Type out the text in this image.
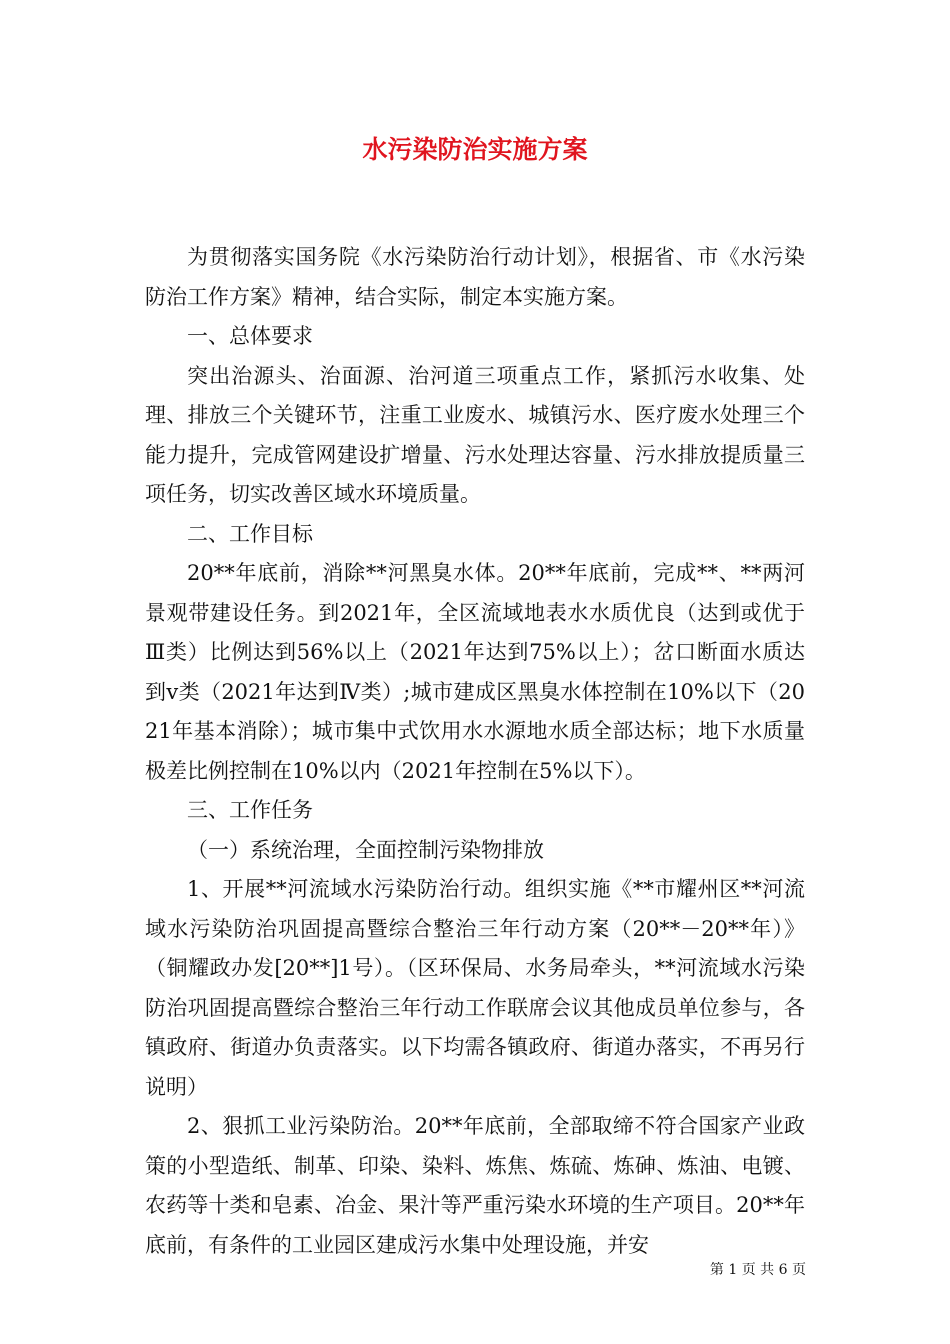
水污染防治实施方案

为贯彻落实国务院《水污染防治行动计划》，根据省、市《水污染防治工作方案》精神，结合实际，制定本实施方案。

一、总体要求

突出治源头、治面源、治河道三项重点工作，紧抓污水收集、处理、排放三个关键环节，注重工业废水、城镇污水、医疗废水处理三个能力提升，完成管网建设扩增量、污水处理达容量、污水排放提质量三项任务，切实改善区域水环境质量。

二、工作目标

20**年底前，消除**河黑臭水体。20**年底前，完成**、**两河景观带建设任务。到2021年，全区流域地表水水质优良（达到或优于Ⅲ类）比例达到56%以上（2021年达到75%以上）；岔口断面水质达到ⅴ类（2021年达到Ⅳ类）;城市建成区黑臭水体控制在10%以下（2021年基本消除）；城市集中式饮用水水源地水质全部达标；地下水质量极差比例控制在10%以内（2021年控制在5%以下）。

三、工作任务

（一）系统治理，全面控制污染物排放

1、开展**河流域水污染防治行动。组织实施《**市耀州区**河流域水污染防治巩固提高暨综合整治三年行动方案（20**－20**年）》（铜耀政办发[20**]1号）。（区环保局、水务局牵头，**河流域水污染防治巩固提高暨综合整治三年行动工作联席会议其他成员单位参与，各镇政府、街道办负责落实。以下均需各镇政府、街道办落实，不再另行说明）

2、狠抓工业污染防治。20**年底前，全部取缔不符合国家产业政策的小型造纸、制革、印染、染料、炼焦、炼硫、炼砷、炼油、电镀、农药等十类和皂素、冶金、果汁等严重污染水环境的生产项目。20**年底前，有条件的工业园区建成污水集中处理设施，并安

第 1 页 共 6 页
